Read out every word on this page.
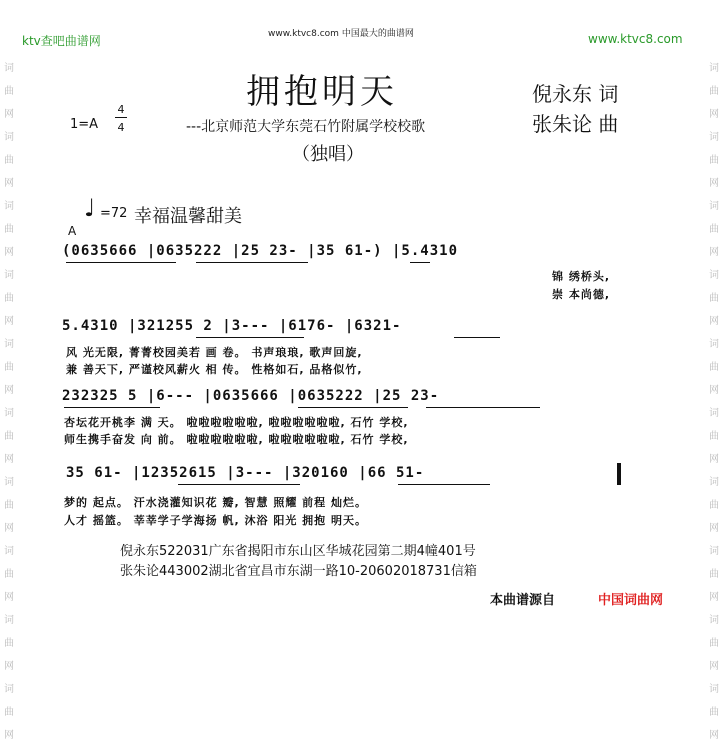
词
曲
网
词
曲
网
词
曲
网
词
曲
网
词
曲
网
词
曲
网
词
曲
网
词
曲
网
词
曲
网
词
曲
网
词
曲
网
词
曲
网
词
曲
网
词
曲
网
词
曲
网
词
曲
网
词
曲
网
词
曲
网
词
曲
网
词
曲
网
ktv查吧曲谱网	www.ktvc8.com 中国最大的曲谱网	www.ktvc8.com
拥抱明天	倪永东 词
张朱论 曲
1=A
4
4	---北京师范大学东莞石竹附属学校校歌
（独唱）
♩ =72 幸福温馨甜美
A
(0635666 |0635222 |25 23- |35 61-) |5.4310
锦 绣桥头,
崇 本尚德,
5.4310 |321255 2 |3--- |6176- |6321-
风 光无限, 菁菁校园美若 画 卷。 书声琅琅, 歌声回旋,
兼 善天下, 严谨校风薪火 相 传。 性格如石, 品格似竹,
232325 5 |6--- |0635666 |0635222 |25 23-
杏坛花开桃李 满 天。 啦啦啦啦啦啦, 啦啦啦啦啦啦, 石竹 学校,
师生携手奋发 向 前。 啦啦啦啦啦啦, 啦啦啦啦啦啦, 石竹 学校,
35 61- |12352615 |3--- |320160 |66 51-
梦的 起点。 汗水浇灌知识花 瓣, 智慧 照耀 前程 灿烂。
人才 摇篮。 莘莘学子学海扬 帆, 沐浴 阳光 拥抱 明天。
倪永东522031广东省揭阳市东山区华城花园第二期4幢401号
张朱论443002湖北省宜昌市东湖一路10-20602018731信箱
本曲谱源自	中国词曲网
